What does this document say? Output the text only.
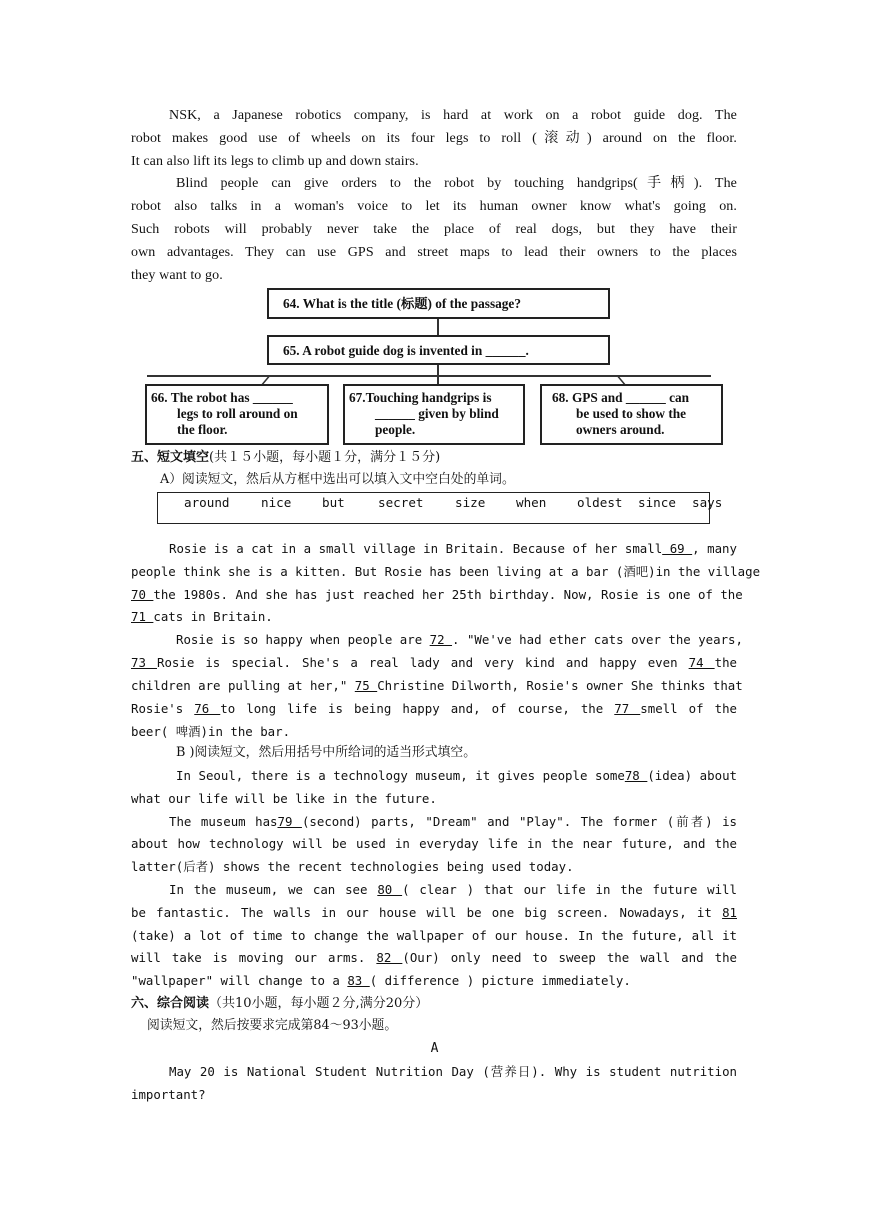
NSK, a Japanese robotics company, is hard at work on a robot guide dog. The
robot makes good use of wheels on its four legs to roll (滚动) around on the floor.
It can also lift its legs to climb up and down stairs.
Blind people can give orders to the robot by touching handgrips(手柄). The
robot also talks in a woman's voice to let its human owner know what's going on.
Such robots will probably never take the place of real dogs, but they have their
own advantages. They can use GPS and street maps to lead their owners to the places
they want to go.
64. What is the title (标题) of the passage?
65. A robot guide dog is invented in ______.
66. The robot has ______
legs to roll around on
the floor.
67.Touching handgrips is
______ given by blind
people.
68. GPS and ______ can
be used to show the
owners around.
五、短文填空(共１５小题，每小题１分，满分１５分)
A）阅读短文，然后从方框中选出可以填入文中空白处的单词。
around	nice but	secret	size when oldest since says
Rosie is a cat in a small village in Britain. Because of her small 69 , many
people think she is a kitten. But Rosie has been living at a bar (酒吧)in the village
70 the 1980s. And she has just reached her 25th birthday. Now, Rosie is one of the
71 cats in Britain.
Rosie is so happy when people are 72 . "We've had ether cats over the years,
73 Rosie is special. She's a real lady and very kind and happy even 74 the
children are pulling at her," 75 Christine Dilworth, Rosie's owner She thinks that
Rosie's 76 to long life is being happy and, of course, the 77 smell of the
beer( 啤酒)in the bar.
B )阅读短文，然后用括号中所给词的适当形式填空。
In Seoul, there is a technology museum, it gives people some78 (idea) about
what our life will be like in the future.
The museum has79 (second) parts, "Dream" and "Play". The former (前者) is
about how technology will be used in everyday life in the near future, and the
latter(后者) shows the recent technologies being used today.
In the museum, we can see 80 ( clear ) that our life in the future will
be fantastic. The walls in our house will be one big screen. Nowadays, it 81
(take) a lot of time to change the wallpaper of our house. In the future, all it
will take is moving our arms. 82 (Our) only need to sweep the wall and the
"wallpaper" will change to a 83 ( difference ) picture immediately.
六、综合阅读（共10小题，每小题２分,满分20分）
阅读短文，然后按要求完成第84～93小题。
A
May 20 is National Student Nutrition Day (营养日). Why is student nutrition
important?
